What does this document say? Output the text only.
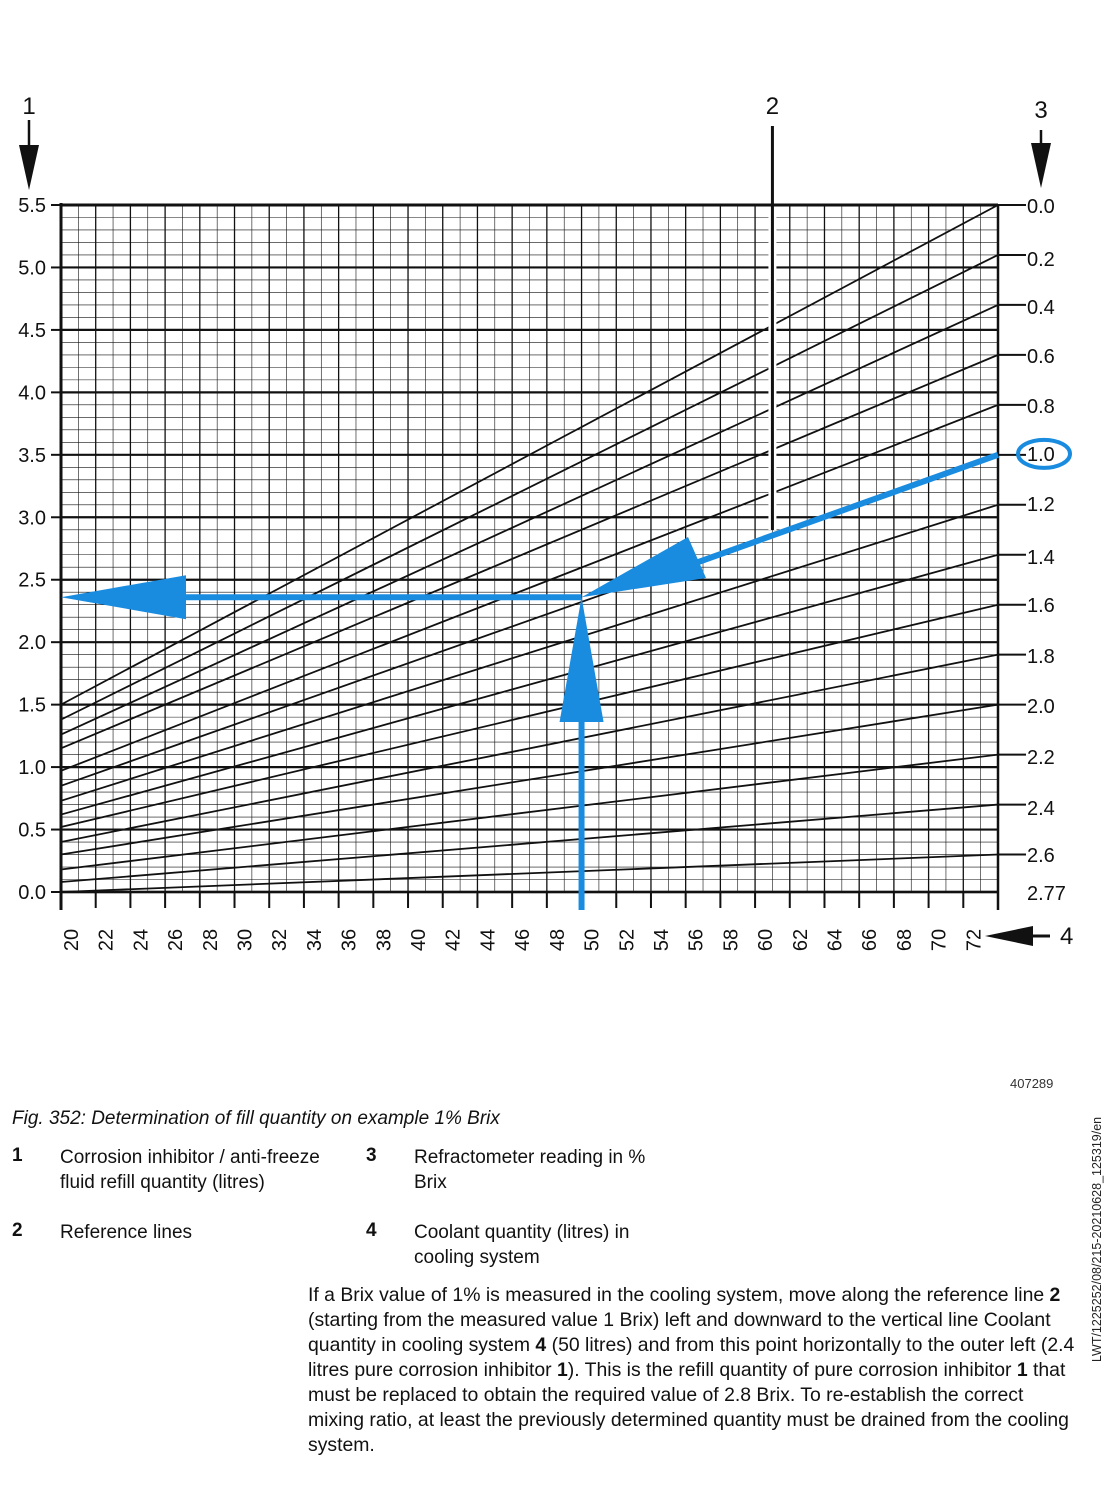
0.0
0.5
1.0
1.5
2.0
2.5
3.0
3.5
4.0
4.5
5.0
5.5
20 22 24 26 28 30 32 34 36 38 40 42 44 46 48 50 52 54 56 58 60 62 64 66 68 70 72
0.0
0.2
0.4
0.6
0.8
1.0
1.2
1.4
1.6
1.8
2.0
2.2
2.4
2.6
2.77
1	2	3
4
407289
Fig. 352: Determination of fill quantity on example 1% Brix
1 Corrosion inhibitor / anti-freeze fluid refill quantity (litres)
2 Reference lines
3 Refractometer reading in % Brix
4 Coolant quantity (litres) in cooling system
If a Brix value of 1% is measured in the cooling system, move along the reference line 2 (starting from the measured value 1 Brix) left and downward to the vertical line Coolant quantity in cooling system 4 (50 litres) and from this point horizontally to the outer left (2.4 litres pure corrosion inhibitor 1). This is the refill quantity of pure corrosion inhibitor 1 that must be replaced to obtain the required value of 2.8 Brix. To re-establish the correct mixing ratio, at least the previously determined quantity must be drained from the cooling system.
LWT/1225252/08/215-20210628_125319/en
